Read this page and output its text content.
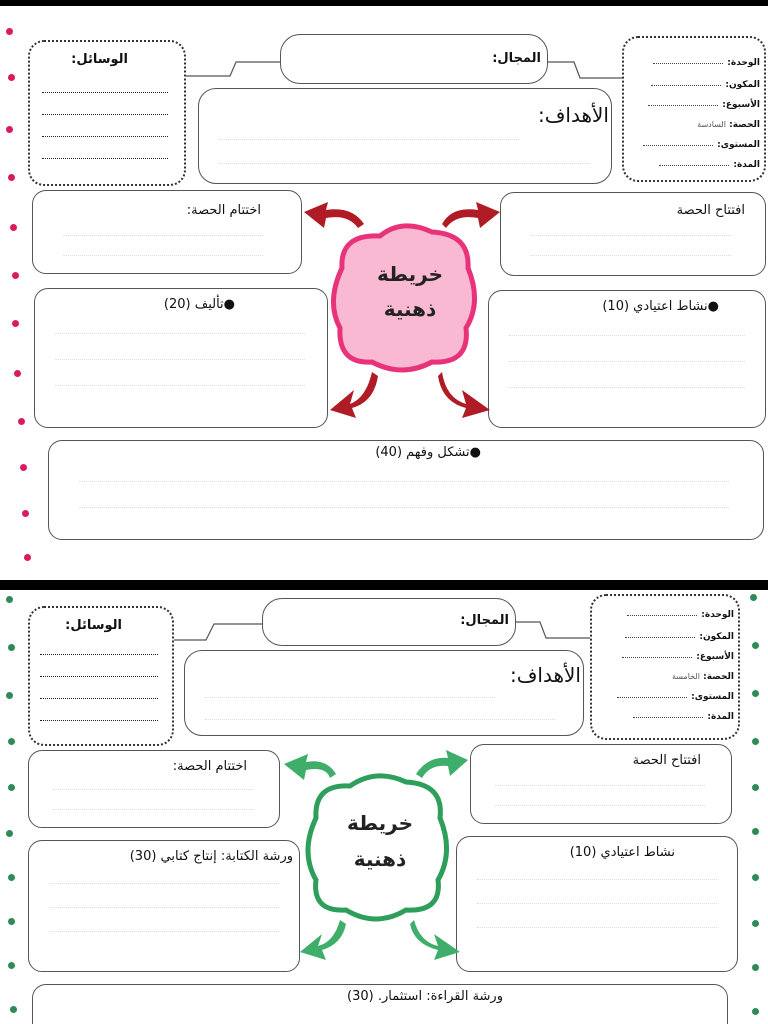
الوسائل:	المجال:
الأهداف:
الوحدة:
المكون:
الأسبوع:
الحصة: السادسة
المستوى:
المدة:
اختتام الحصة:	افتتاح الحصة
●تأليف (20)	●نشاط اعتيادي (10)
●تشكل وفهم (40)
خريطة
ذهنية
الوسائل:	المجال:
الأهداف:
الوحدة:
المكون:
الأسبوع:
الحصة: الخامسة
المستوى:
المدة:
اختتام الحصة:	افتتاح الحصة
ورشة الكتابة: إنتاج كتابي (30)	نشاط اعتيادي (10)
ورشة القراءة: استثمار. (30)
خريطة
ذهنية
